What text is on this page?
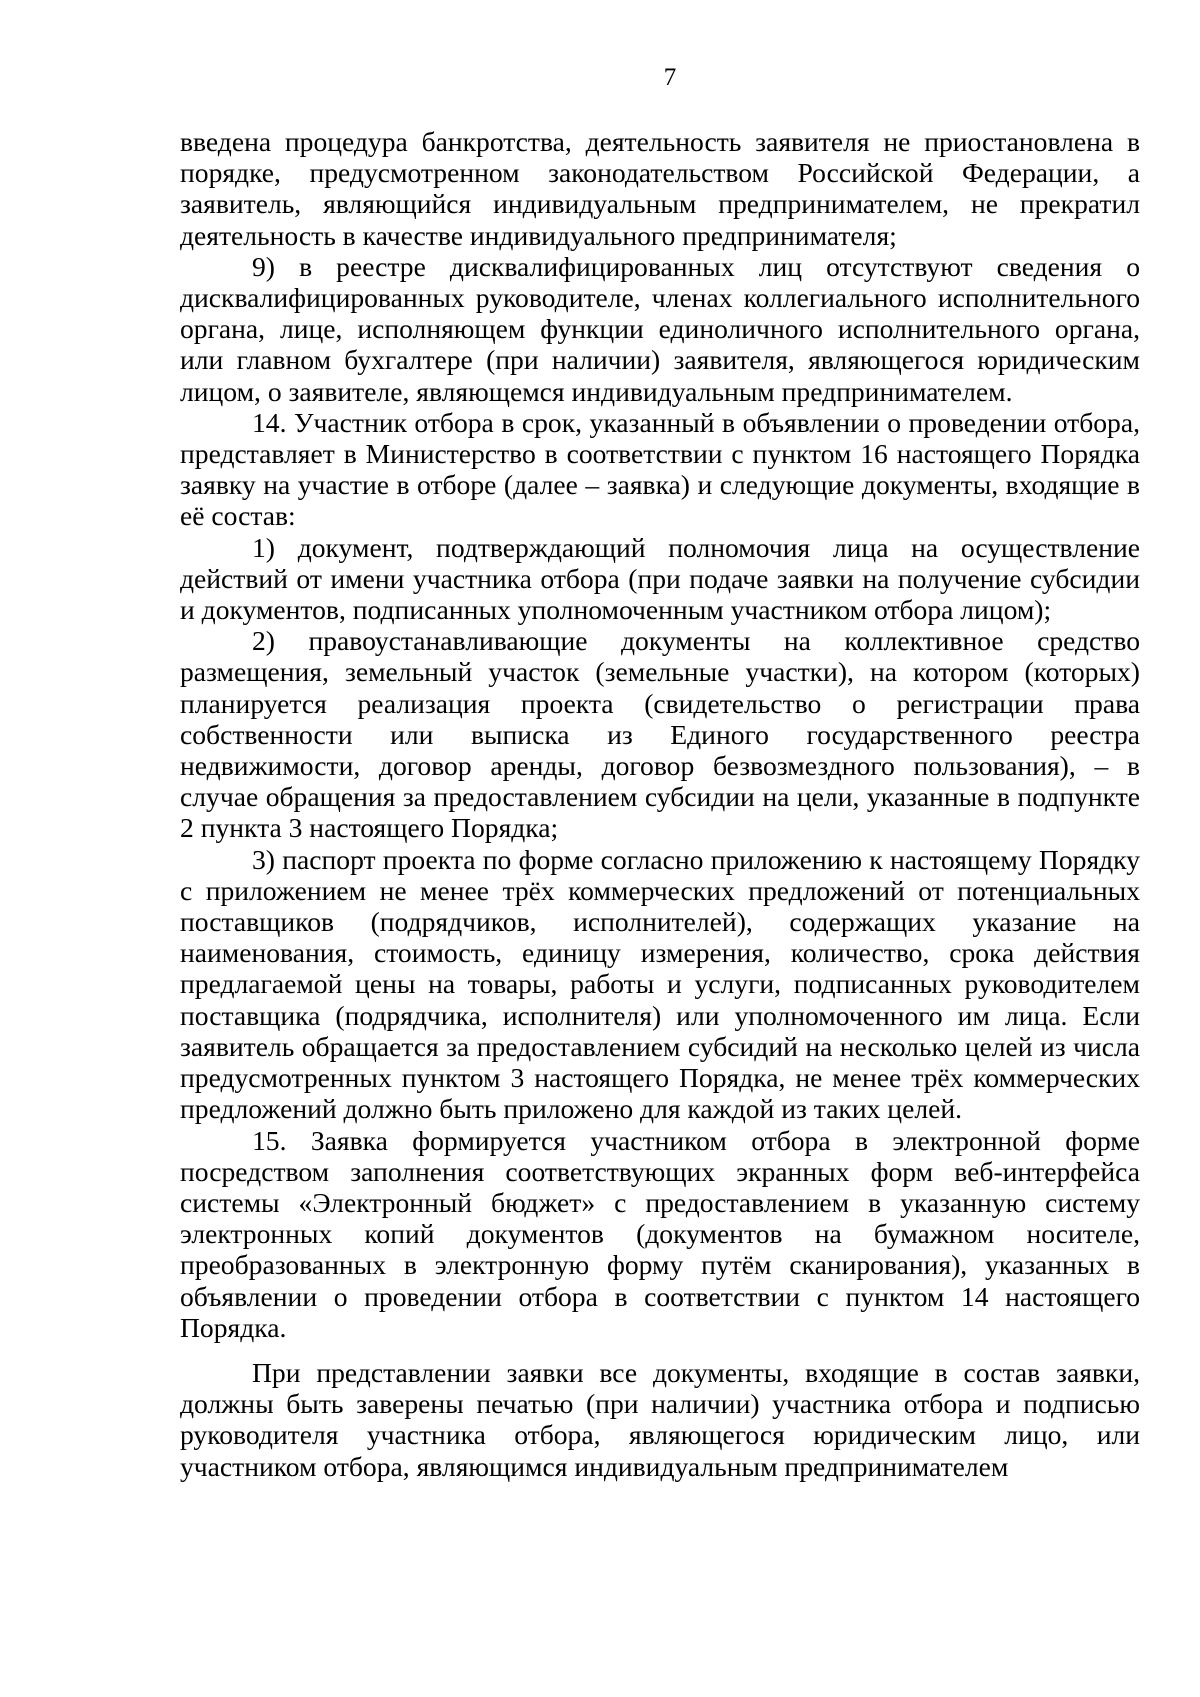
7

введена процедура банкротства, деятельность заявителя не приостановлена в порядке, предусмотренном законодательством Российской Федерации, а заявитель, являющийся индивидуальным предпринимателем, не прекратил деятельность в качестве индивидуального предпринимателя;

9) в реестре дисквалифицированных лиц отсутствуют сведения о дисквалифицированных руководителе, членах коллегиального исполнительного органа, лице, исполняющем функции единоличного исполнительного органа, или главном бухгалтере (при наличии) заявителя, являющегося юридическим лицом, о заявителе, являющемся индивидуальным предпринимателем.

14. Участник отбора в срок, указанный в объявлении о проведении отбора, представляет в Министерство в соответствии с пунктом 16 настоящего Порядка заявку на участие в отборе (далее – заявка) и следующие документы, входящие в её состав:

1) документ, подтверждающий полномочия лица на осуществление действий от имени участника отбора (при подаче заявки на получение субсидии и документов, подписанных уполномоченным участником отбора лицом);

2) правоустанавливающие документы на коллективное средство размещения, земельный участок (земельные участки), на котором (которых) планируется реализация проекта (свидетельство о регистрации права собственности или выписка из Единого государственного реестра недвижимости, договор аренды, договор безвозмездного пользования), – в случае обращения за предоставлением субсидии на цели, указанные в подпункте 2 пункта 3 настоящего Порядка;

3) паспорт проекта по форме согласно приложению к настоящему Порядку с приложением не менее трёх коммерческих предложений от потенциальных поставщиков (подрядчиков, исполнителей), содержащих указание на наименования, стоимость, единицу измерения, количество, срока действия предлагаемой цены на товары, работы и услуги, подписанных руководителем поставщика (подрядчика, исполнителя) или уполномоченного им лица. Если заявитель обращается за предоставлением субсидий на несколько целей из числа предусмотренных пунктом 3 настоящего Порядка, не менее трёх коммерческих предложений должно быть приложено для каждой из таких целей.

15. Заявка формируется участником отбора в электронной форме посредством заполнения соответствующих экранных форм веб-интерфейса системы «Электронный бюджет» с предоставлением в указанную систему электронных копий документов (документов на бумажном носителе, преобразованных в электронную форму путём сканирования), указанных в объявлении о проведении отбора в соответствии с пунктом 14 настоящего Порядка.

При представлении заявки все документы, входящие в состав заявки, должны быть заверены печатью (при наличии) участника отбора и подписью руководителя участника отбора, являющегося юридическим лицо, или участником отбора, являющимся индивидуальным предпринимателем
